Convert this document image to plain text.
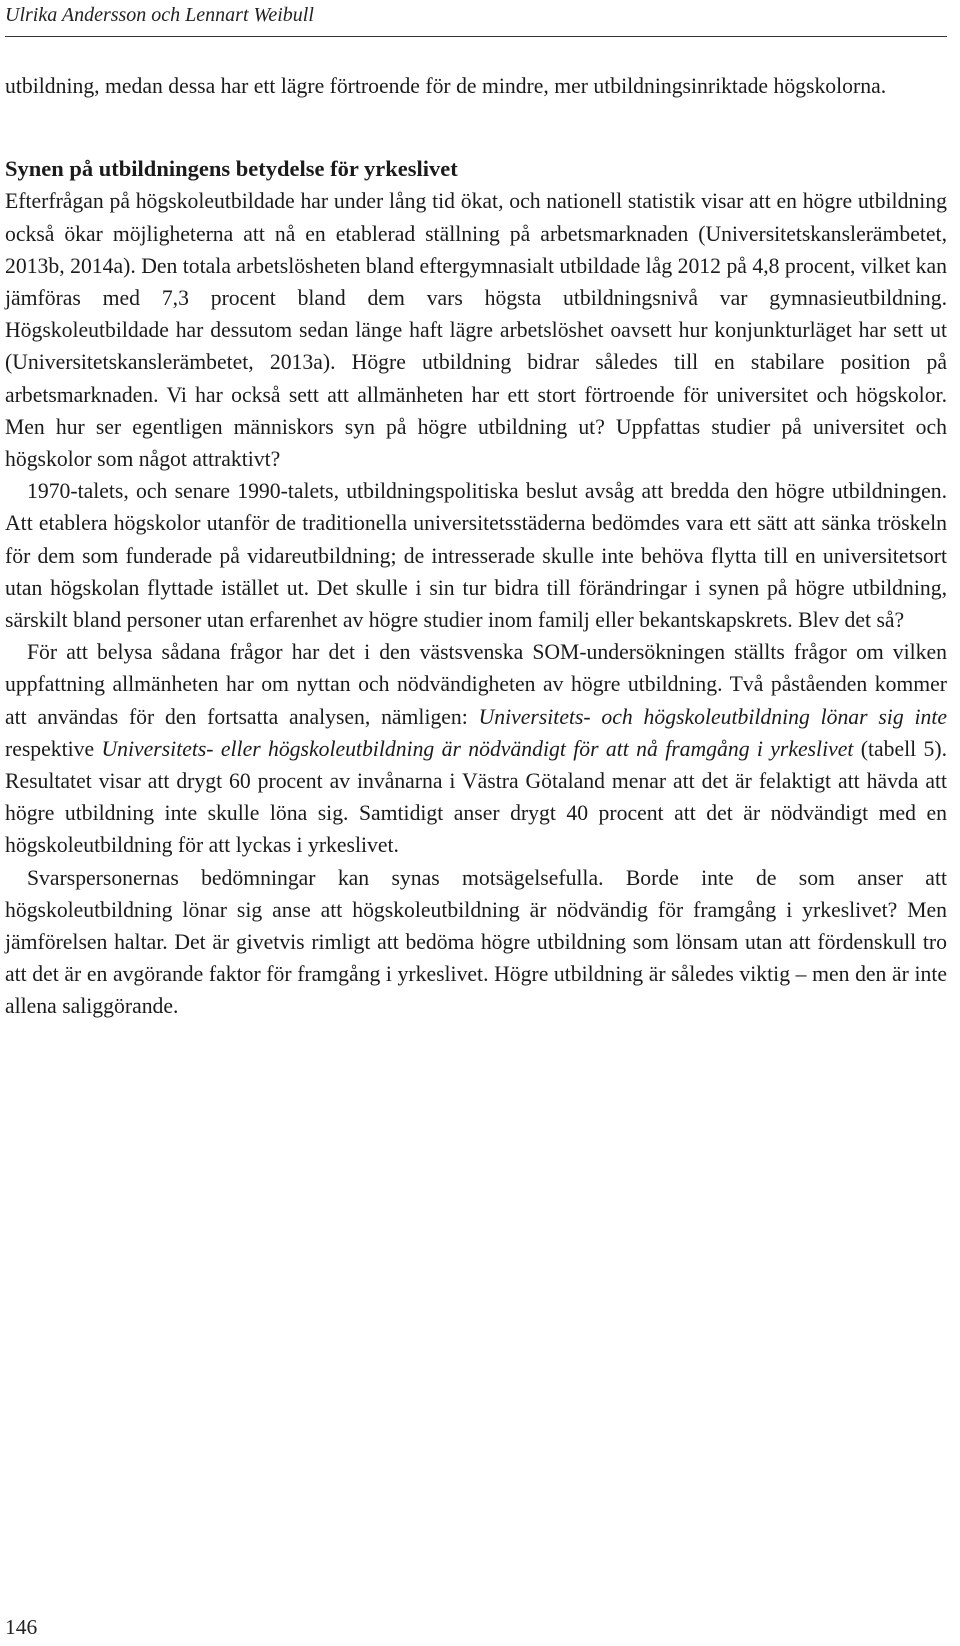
Ulrika Andersson och Lennart Weibull

utbildning, medan dessa har ett lägre förtroende för de mindre, mer utbildningsinriktade högskolorna.

Synen på utbildningens betydelse för yrkeslivet

Efterfrågan på högskoleutbildade har under lång tid ökat, och nationell statistik visar att en högre utbildning också ökar möjligheterna att nå en etablerad ställning på arbetsmarknaden (Universitetskanslerämbetet, 2013b, 2014a). Den totala arbetslösheten bland eftergymnasialt utbildade låg 2012 på 4,8 procent, vilket kan jämföras med 7,3 procent bland dem vars högsta utbildningsnivå var gymnasieutbildning. Högskoleutbildade har dessutom sedan länge haft lägre arbetslöshet oavsett hur konjunkturläget har sett ut (Universitetskanslerämbetet, 2013a). Högre utbildning bidrar således till en stabilare position på arbetsmarknaden. Vi har också sett att allmänheten har ett stort förtroende för universitet och högskolor. Men hur ser egentligen människors syn på högre utbildning ut? Uppfattas studier på universitet och högskolor som något attraktivt?

1970-talets, och senare 1990-talets, utbildningspolitiska beslut avsåg att bredda den högre utbildningen. Att etablera högskolor utanför de traditionella universitetsstäderna bedömdes vara ett sätt att sänka tröskeln för dem som funderade på vidareutbildning; de intresserade skulle inte behöva flytta till en universitetsort utan högskolan flyttade istället ut. Det skulle i sin tur bidra till förändringar i synen på högre utbildning, särskilt bland personer utan erfarenhet av högre studier inom familj eller bekantskapskrets. Blev det så?

För att belysa sådana frågor har det i den västsvenska SOM-undersökningen ställts frågor om vilken uppfattning allmänheten har om nyttan och nödvändigheten av högre utbildning. Två påståenden kommer att användas för den fortsatta analysen, nämligen: Universitets- och högskoleutbildning lönar sig inte respektive Universitets- eller högskoleutbildning är nödvändigt för att nå framgång i yrkeslivet (tabell 5). Resultatet visar att drygt 60 procent av invånarna i Västra Götaland menar att det är felaktigt att hävda att högre utbildning inte skulle löna sig. Samtidigt anser drygt 40 procent att det är nödvändigt med en högskoleutbildning för att lyckas i yrkeslivet.

Svarspersonernas bedömningar kan synas motsägelsefulla. Borde inte de som anser att högskoleutbildning lönar sig anse att högskoleutbildning är nödvändig för framgång i yrkeslivet? Men jämförelsen haltar. Det är givetvis rimligt att bedöma högre utbildning som lönsam utan att fördenskull tro att det är en avgörande faktor för framgång i yrkeslivet. Högre utbildning är således viktig – men den är inte allena saliggörande.

146
